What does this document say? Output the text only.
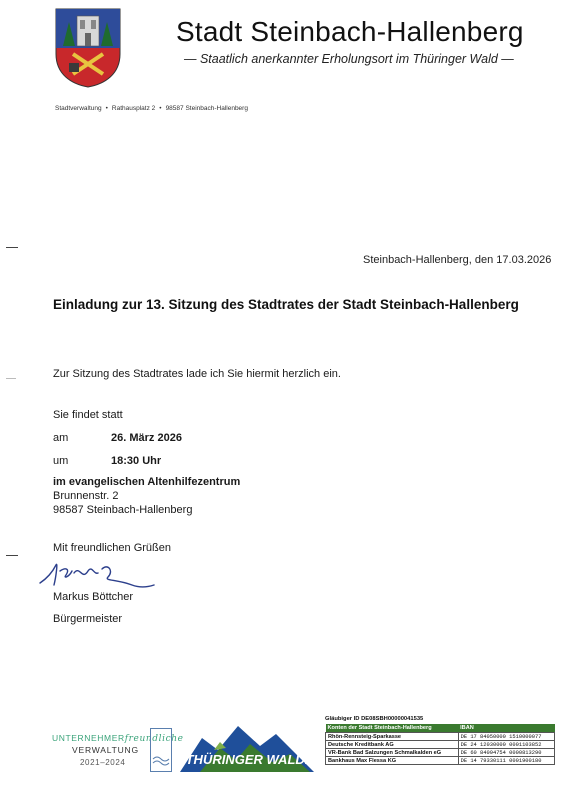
Stadt Steinbach-Hallenberg
— Staatlich anerkannter Erholungsort im Thüringer Wald —
Stadtverwaltung • Rathausplatz 2 • 98587 Steinbach-Hallenberg
Steinbach-Hallenberg, den 17.03.2026
Einladung zur 13. Sitzung des Stadtrates der Stadt Steinbach-Hallenberg
Zur Sitzung des Stadtrates lade ich Sie hiermit herzlich ein.
Sie findet statt
am	26. März 2026
um	18:30 Uhr
im evangelischen Altenhilfezentrum
Brunnenstr. 2
98587 Steinbach-Hallenberg
Mit freundlichen Grüßen
Markus Böttcher
Bürgermeister
UNTERNEHMERfreundliche
VERWALTUNG
2021–2024	THÜRINGER WALD.
Gläubiger ID DE08SBH00000041535
Konten der Stadt Steinbach-Hallenberg	IBAN
Rhön-Rennsteig-Sparkasse	DE 17 84050000 1510000077
Deutsche Kreditbank AG	DE 24 12030000 0001103852
VR-Bank Bad Salzungen Schmalkalden eG	DE 60 84094754 0000813290
Bankhaus Max Flessa KG	DE 14 79330111 0001900180
